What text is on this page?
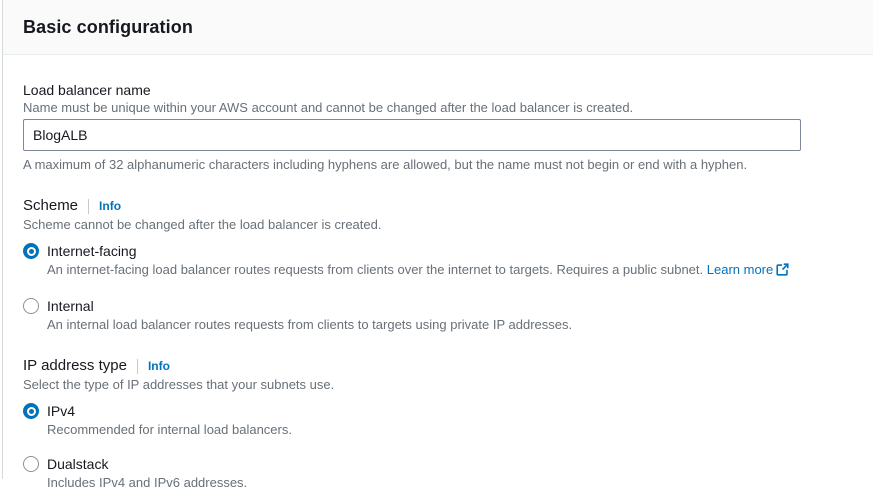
Basic configuration
Load balancer name
Name must be unique within your AWS account and cannot be changed after the load balancer is created.
BlogALB
A maximum of 32 alphanumeric characters including hyphens are allowed, but the name must not begin or end with a hyphen.
Scheme Info
Scheme cannot be changed after the load balancer is created.
Internet-facing
An internet-facing load balancer routes requests from clients over the internet to targets. Requires a public subnet. Learn more
Internal
An internal load balancer routes requests from clients to targets using private IP addresses.
IP address type Info
Select the type of IP addresses that your subnets use.
IPv4
Recommended for internal load balancers.
Dualstack
Includes IPv4 and IPv6 addresses.
